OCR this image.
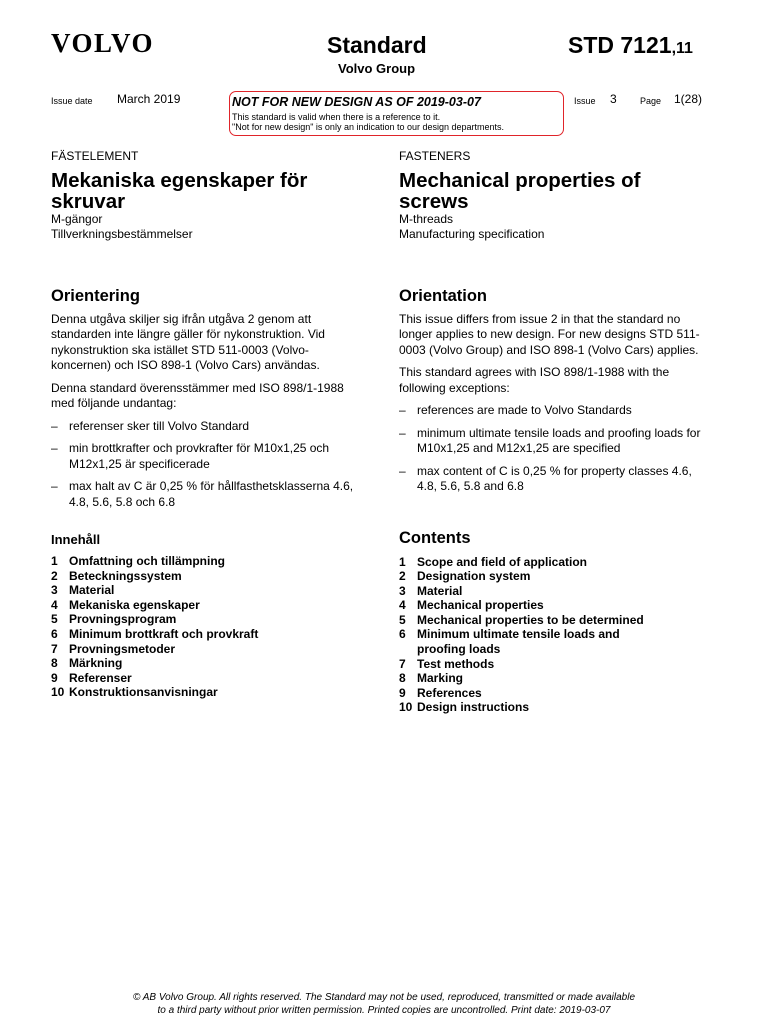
VOLVO	Standard
Volvo Group
STD 7121,11
Issue date March 2019	Issue 3	Page 1(28)
NOT FOR NEW DESIGN AS OF 2019-03-07
This standard is valid when there is a reference to it.
"Not for new design" is only an indication to our design departments.
FÄSTELEMENT
Mekaniska egenskaper för
skruvar
M-gängor
Tillverkningsbestämmelser
Orientering

Denna utgåva skiljer sig ifrån utgåva 2 genom att standarden inte längre gäller för nykonstruktion. Vid nykonstruktion ska istället STD 511-0003 (Volvo-koncernen) och ISO 898-1 (Volvo Cars) användas.

Denna standard överensstämmer med ISO 898/1-1988 med följande undantag:

– referenser sker till Volvo Standard
– min brottkrafter och provkrafter för M10x1,25 och M12x1,25 är specificerade
– max halt av C är 0,25 % för hållfasthetsklasserna 4.6, 4.8, 5.6, 5.8 och 6.8
Innehåll
1 Omfattning och tillämpning
2 Beteckningssystem
3 Material
4 Mekaniska egenskaper
5 Provningsprogram
6 Minimum brottkraft och provkraft
7 Provningsmetoder
8 Märkning
9 Referenser
10 Konstruktionsanvisningar
FASTENERS
Mechanical properties of
screws
M-threads
Manufacturing specification
Orientation

This issue differs from issue 2 in that the standard no longer applies to new design. For new designs STD 511-0003 (Volvo Group) and ISO 898-1 (Volvo Cars) applies.

This standard agrees with ISO 898/1-1988 with the following exceptions:

– references are made to Volvo Standards
– minimum ultimate tensile loads and proofing loads for M10x1,25 and M12x1,25 are specified
– max content of C is 0,25 % for property classes 4.6, 4.8, 5.6, 5.8 and 6.8
Contents
1 Scope and field of application
2 Designation system
3 Material
4 Mechanical properties
5 Mechanical properties to be determined
6 Minimum ultimate tensile loads and proofing loads
7 Test methods
8 Marking
9 References
10 Design instructions
© AB Volvo Group. All rights reserved. The Standard may not be used, reproduced, transmitted or made available
to a third party without prior written permission. Printed copies are uncontrolled. Print date: 2019-03-07
